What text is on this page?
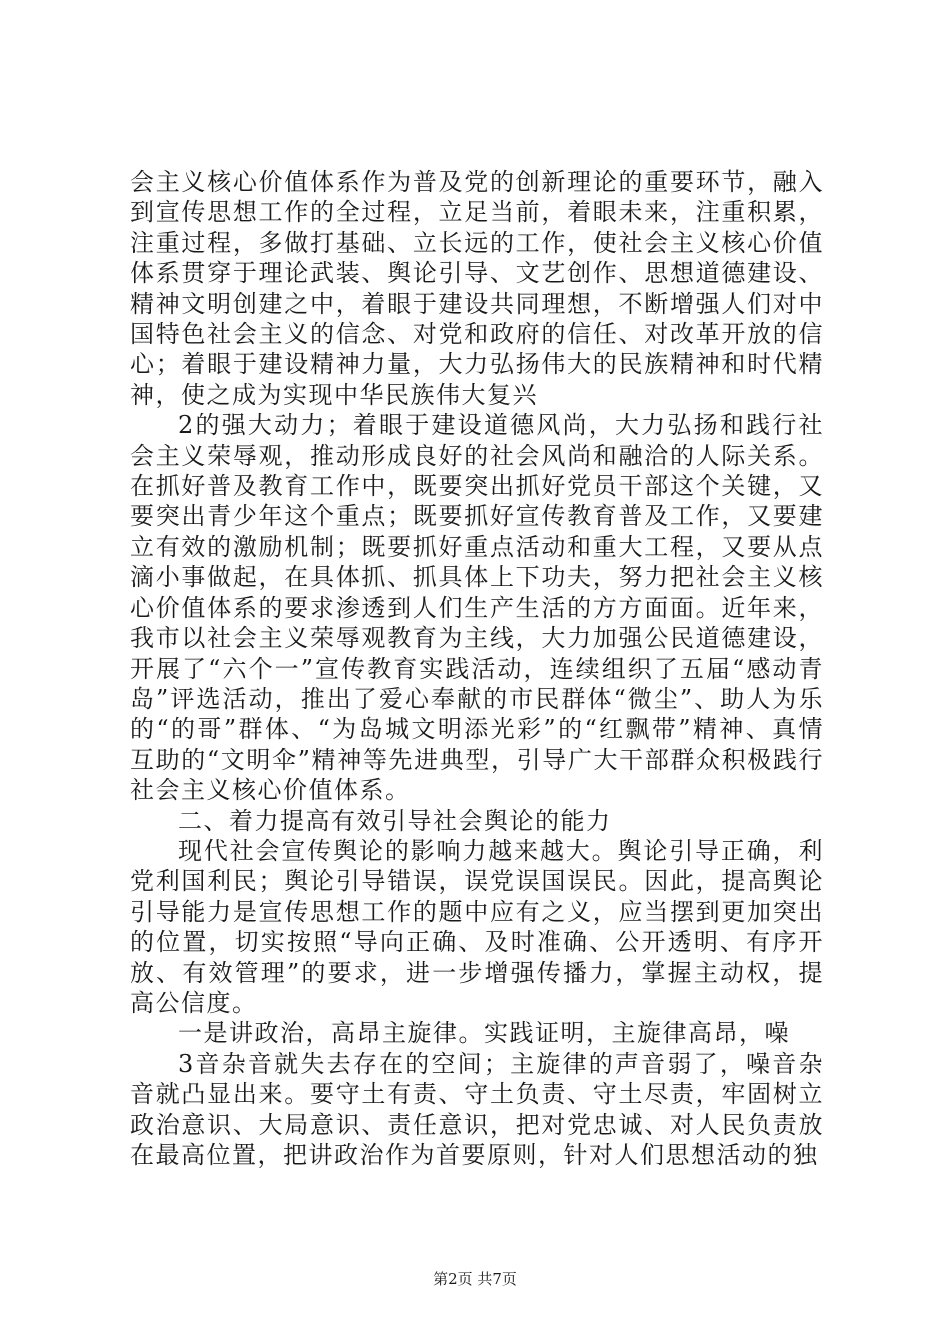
会主义核心价值体系作为普及党的创新理论的重要环节，融入到宣传思想工作的全过程，立足当前，着眼未来，注重积累，注重过程，多做打基础、立长远的工作，使社会主义核心价值体系贯穿于理论武装、舆论引导、文艺创作、思想道德建设、精神文明创建之中，着眼于建设共同理想，不断增强人们对中国特色社会主义的信念、对党和政府的信任、对改革开放的信心；着眼于建设精神力量，大力弘扬伟大的民族精神和时代精神，使之成为实现中华民族伟大复兴

2的强大动力；着眼于建设道德风尚，大力弘扬和践行社会主义荣辱观，推动形成良好的社会风尚和融洽的人际关系。在抓好普及教育工作中，既要突出抓好党员干部这个关键，又要突出青少年这个重点；既要抓好宣传教育普及工作，又要建立有效的激励机制；既要抓好重点活动和重大工程，又要从点滴小事做起，在具体抓、抓具体上下功夫，努力把社会主义核心价值体系的要求渗透到人们生产生活的方方面面。近年来，我市以社会主义荣辱观教育为主线，大力加强公民道德建设，开展了“六个一”宣传教育实践活动，连续组织了五届“感动青岛”评选活动，推出了爱心奉献的市民群体“微尘”、助人为乐的“的哥”群体、“为岛城文明添光彩”的“红飘带”精神、真情互助的“文明伞”精神等先进典型，引导广大干部群众积极践行社会主义核心价值体系。

二、着力提高有效引导社会舆论的能力

现代社会宣传舆论的影响力越来越大。舆论引导正确，利党利国利民；舆论引导错误，误党误国误民。因此，提高舆论引导能力是宣传思想工作的题中应有之义，应当摆到更加突出的位置，切实按照“导向正确、及时准确、公开透明、有序开放、有效管理”的要求，进一步增强传播力，掌握主动权，提高公信度。

一是讲政治，高昂主旋律。实践证明，主旋律高昂，噪

3音杂音就失去存在的空间；主旋律的声音弱了，噪音杂音就凸显出来。要守土有责、守土负责、守土尽责，牢固树立政治意识、大局意识、责任意识，把对党忠诚、对人民负责放在最高位置，把讲政治作为首要原则，针对人们思想活动的独

第2页 共7页
